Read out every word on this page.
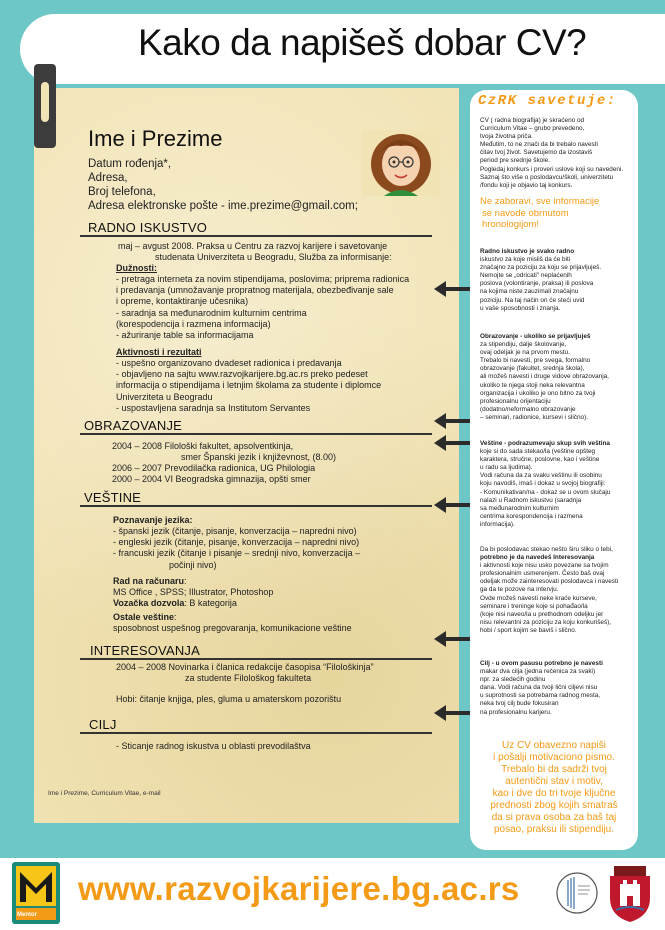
Kako da napišeš dobar CV?
Ime i Prezime
Datum rođenja*,
Adresa,
Broj telefona,
Adresa elektronske pošte - ime.prezime@gmail.com;
RADNO ISKUSTVO
maj – avgust 2008. Praksa u Centru za razvoj karijere i savetovanje
studenata Univerziteta u Beogradu, Služba za informisanje:
Dužnosti:
- pretraga interneta za novim stipendijama, poslovima; priprema radionica
i predavanja (umnožavanje propratnog materijala, obezbeđivanje sale
i opreme, kontaktiranje učesnika)
- saradnja sa međunarodnim kulturnim centrima
(korespodencija i razmena informacija)
- ažuriranje table sa informacijama
Aktivnosti i rezultati
- uspešno organizovano dvadeset radionica i predavanja
- objavljeno na sajtu www.razvojkarijere.bg.ac.rs preko pedeset
informacija o stipendijama i letnjim školama za studente i diplomce
Univerziteta u Beogradu
- uspostavljena saradnja sa Institutom Servantes
OBRAZOVANJE
2004 – 2008 Filološki fakultet, apsolventkinja,
smer Španski jezik i književnost, (8.00)
2006 – 2007 Prevodilačka radionica, UG Philologia
2000 – 2004 VI Beogradska gimnazija, opšti smer
VEŠTINE
Poznavanje jezika:
- španski jezik (čitanje, pisanje, konverzacija – napredni nivo)
- engleski jezik (čitanje, pisanje, konverzacija – napredni nivo)
- francuski jezik (čitanje i pisanje – srednji nivo, konverzacija –
počinji nivo)
Rad na računaru:
MS Office , SPSS; Illustrator, Photoshop
Vozačka dozvola: B kategorija
Ostale veštine:
sposobnost uspešnog pregovaranja, komunikacione veštine
INTERESOVANJA
2004 – 2008 Novinarka i članica redakcije časopisa “Filološkinja”
za studente Filološkog fakulteta
Hobi: čitanje knjiga, ples, gluma u amaterskom pozorištu
CILJ
- Sticanje radnog iskustva u oblasti prevodilaštva
Ime i Prezime, Curriculum Vitae, e-mail
CzRK savetuje:
CV ( radna biografija) je skraćeno od
Curriculum Vitae – grubo prevedeno,
tvoja životna priča.
Međutim, to ne znači da bi trebalo navesti
čitav tvoj život. Savetujemo da izostaviš
period pre srednje škole.
Pogledaj konkurs i proveri uslove koji su navedeni.
Saznaj što više o poslodavcu/školi, univerzitetu
/fondu koji je objavio taj konkurs.
Ne zaboravi, sve informacije
se navode obrnutom
hronologijom!
Radno iskustvo je svako radno
iskustvo za koje misliš da će biti
značajno za poziciju za koju se prijavljuješ.
Nemojte se „odricati" neplaćenih
poslova (volontiranje, praksa) ili poslova
na kojima niste zauzimali značajnu
poziciju. Na taj način on će steći uvid
u vaše sposobnosti i znanja.
Obrazovanje - ukoliko se prijavljuješ
za stipendiju, dalje školovanje,
ovaj odeljak je na prvom mestu.
Trebalo bi navesti, pre svega, formalno
obrazovanje (fakultet, srednja škola),
ali možeš navesti i druge vidove obrazovanja,
ukoliko te njega stoji neka relevantna
organizacija i ukoliko je ono bitno za tvoji
profesionalnu orijentaciju
(dodatno/neformalno obrazovanje
– seminari, radionice, kursevi i slično).
Veštine - podrazumevaju skup svih veština
koje si do sada stekao/la (veštine opšteg
karaktera, stručne, poslovne, kao i veštine
u radu sa ljudima).
Vodi računa da za svaku veštinu ili osobinu
koju navodiš, imaš i dokaz u svojoj biografiji:
- Komunikativan/na - dokaz se u ovom slučaju
nalazi u Radnom iskustvu (saradnja
sa međunarodnim kulturnim
centrima korespondencija i razmena
informacija).
Da bi poslodavac stekao nešto širu sliku o tebi,
potrebno je da navedeš Interesovanja
i aktivnosti koje nisu usko povezane sa tvojim
profesionalnim usmerenjem. Često baš ovaj
odeljak može zainteresovati poslodavca i navesti
ga da te pozove na intervju.
Ovde možeš navesti neke kraće kurseve,
seminare i treninge koje si pohađao/la
(koje nisi naveo/la u prethodnom odeljku jer
nisu relevantni za poziciju za koju konkurišeš),
hobi / sport kojim se baviš i slično.
Cilj - u ovom pasusu potrebno je navesti
makar dva cilja (jedna rečenica za svaki)
npr. za sledećih godinu
dana. Vodi računa da tvoji lični ciljevi nisu
u suprotnosti sa potrebama radnog mesta,
neka tvoj cilj bude fokusiran
na profesionalnu karijeru.
Uz CV obavezno napiši
i pošalji motivaciono pismo.
Trebalo bi da sadrži tvoj
autentični stav i motiv,
kao i dve do tri tvoje ključne
prednosti zbog kojih smatraš
da si prava osoba za baš taj
posao, praksu ili stipendiju.
Mentor
www.razvojkarijere.bg.ac.rs
